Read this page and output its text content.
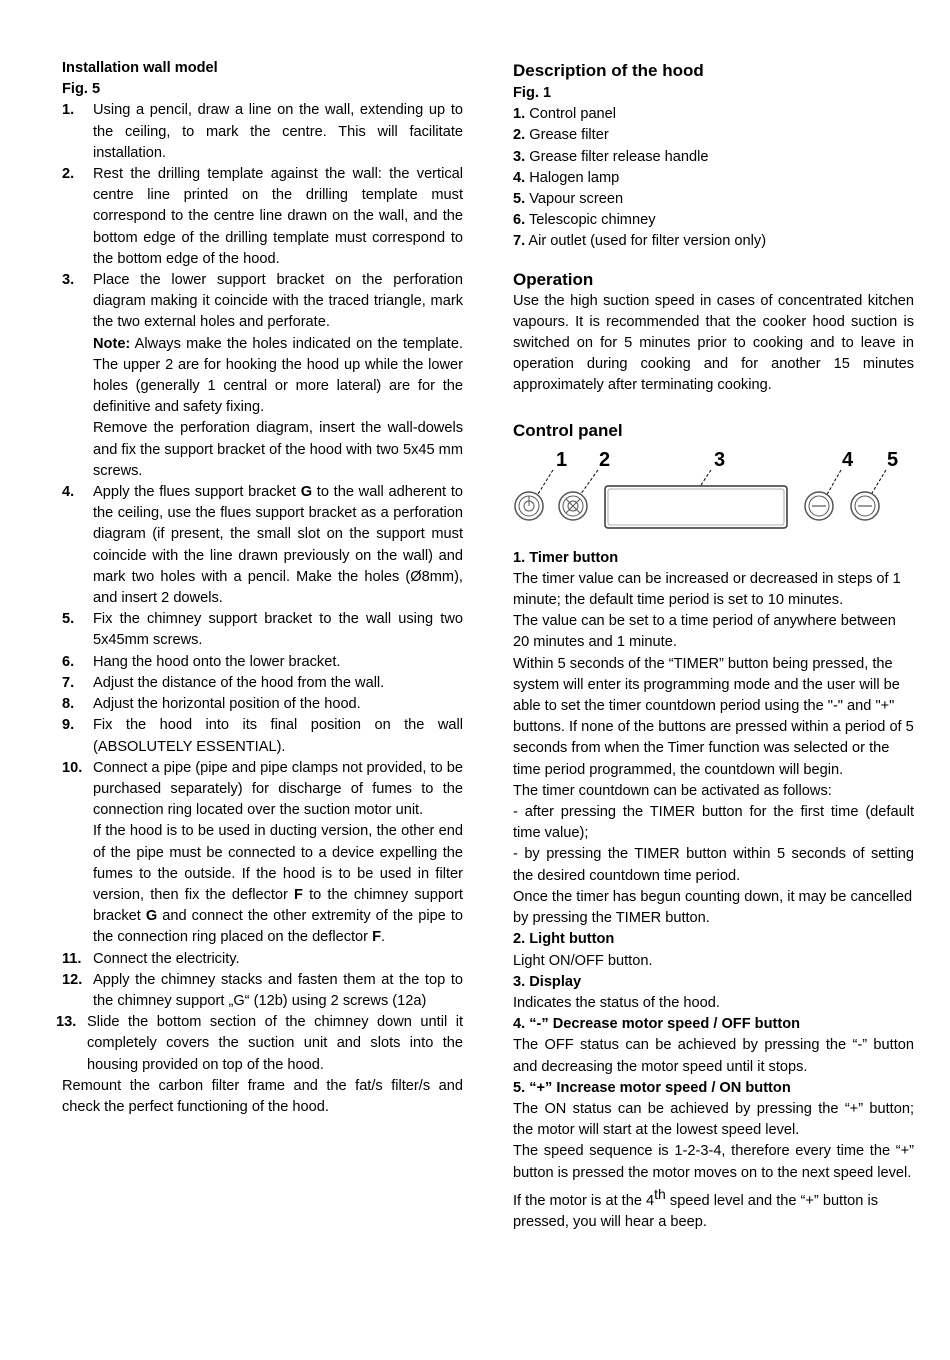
Installation wall model
Fig. 5
1. Using a pencil, draw a line on the wall, extending up to the ceiling, to mark the centre. This will facilitate installation.
2. Rest the drilling template against the wall: the vertical centre line printed on the drilling template must correspond to the centre line drawn on the wall, and the bottom edge of the drilling template must correspond to the bottom edge of the hood.
3. Place the lower support bracket on the perforation diagram making it coincide with the traced triangle, mark the two external holes and perforate.
Note: Always make the holes indicated on the template. The upper 2 are for hooking the hood up while the lower holes (generally 1 central or more lateral) are for the definitive and safety fixing.
Remove the perforation diagram, insert the wall-dowels and fix the support bracket of the hood with two 5x45 mm screws.
4. Apply the flues support bracket G to the wall adherent to the ceiling, use the flues support bracket as a perforation diagram (if present, the small slot on the support must coincide with the line drawn previously on the wall) and mark two holes with a pencil. Make the holes (Ø8mm), and insert 2 dowels.
5. Fix the chimney support bracket to the wall using two 5x45mm screws.
6. Hang the hood onto the lower bracket.
7. Adjust the distance of the hood from the wall.
8. Adjust the horizontal position of the hood.
9. Fix the hood into its final position on the wall (ABSOLUTELY ESSENTIAL).
10. Connect a pipe (pipe and pipe clamps not provided, to be purchased separately) for discharge of fumes to the connection ring located over the suction motor unit.
If the hood is to be used in ducting version, the other end of the pipe must be connected to a device expelling the fumes to the outside. If the hood is to be used in filter version, then fix the deflector F to the chimney support bracket G and connect the other extremity of the pipe to the connection ring placed on the deflector F.
11. Connect the electricity.
12. Apply the chimney stacks and fasten them at the top to the chimney support „G“ (12b) using 2 screws (12a)
13. Slide the bottom section of the chimney down until it completely covers the suction unit and slots into the housing provided on top of the hood.
Remount the carbon filter frame and the fat/s filter/s and check the perfect functioning of the hood.
Description of the hood
Fig. 1
1. Control panel
2. Grease filter
3. Grease filter release handle
4. Halogen lamp
5. Vapour screen
6. Telescopic chimney
7. Air outlet (used for filter version only)
Operation
Use the high suction speed in cases of concentrated kitchen vapours. It is recommended that the cooker hood suction is switched on for 5 minutes prior to cooking and to leave in operation during cooking and for another 15 minutes approximately after terminating cooking.
Control panel
1 2	3	4 5
1. Timer button
The timer value can be increased or decreased in steps of 1 minute; the default time period is set to 10 minutes.
The value can be set to a time period of anywhere between 20 minutes and 1 minute.
Within 5 seconds of the “TIMER” button being pressed, the system will enter its programming mode and the user will be able to set the timer countdown period using the "-" and "+" buttons. If none of the buttons are pressed within a period of 5 seconds from when the Timer function was selected or the time period programmed, the countdown will begin.
The timer countdown can be activated as follows:
- after pressing the TIMER button for the first time (default time value);
- by pressing the TIMER button within 5 seconds of setting the desired countdown time period.
Once the timer has begun counting down, it may be cancelled by pressing the TIMER button.
2. Light button
Light ON/OFF button.
3. Display
Indicates the status of the hood.
4. “-” Decrease motor speed / OFF button
The OFF status can be achieved by pressing the “-” button and decreasing the motor speed until it stops.
5. “+” Increase motor speed / ON button
The ON status can be achieved by pressing the “+” button; the motor will start at the lowest speed level.
The speed sequence is 1-2-3-4, therefore every time the “+” button is pressed the motor moves on to the next speed level.
If the motor is at the 4th speed level and the “+” button is pressed, you will hear a beep.
